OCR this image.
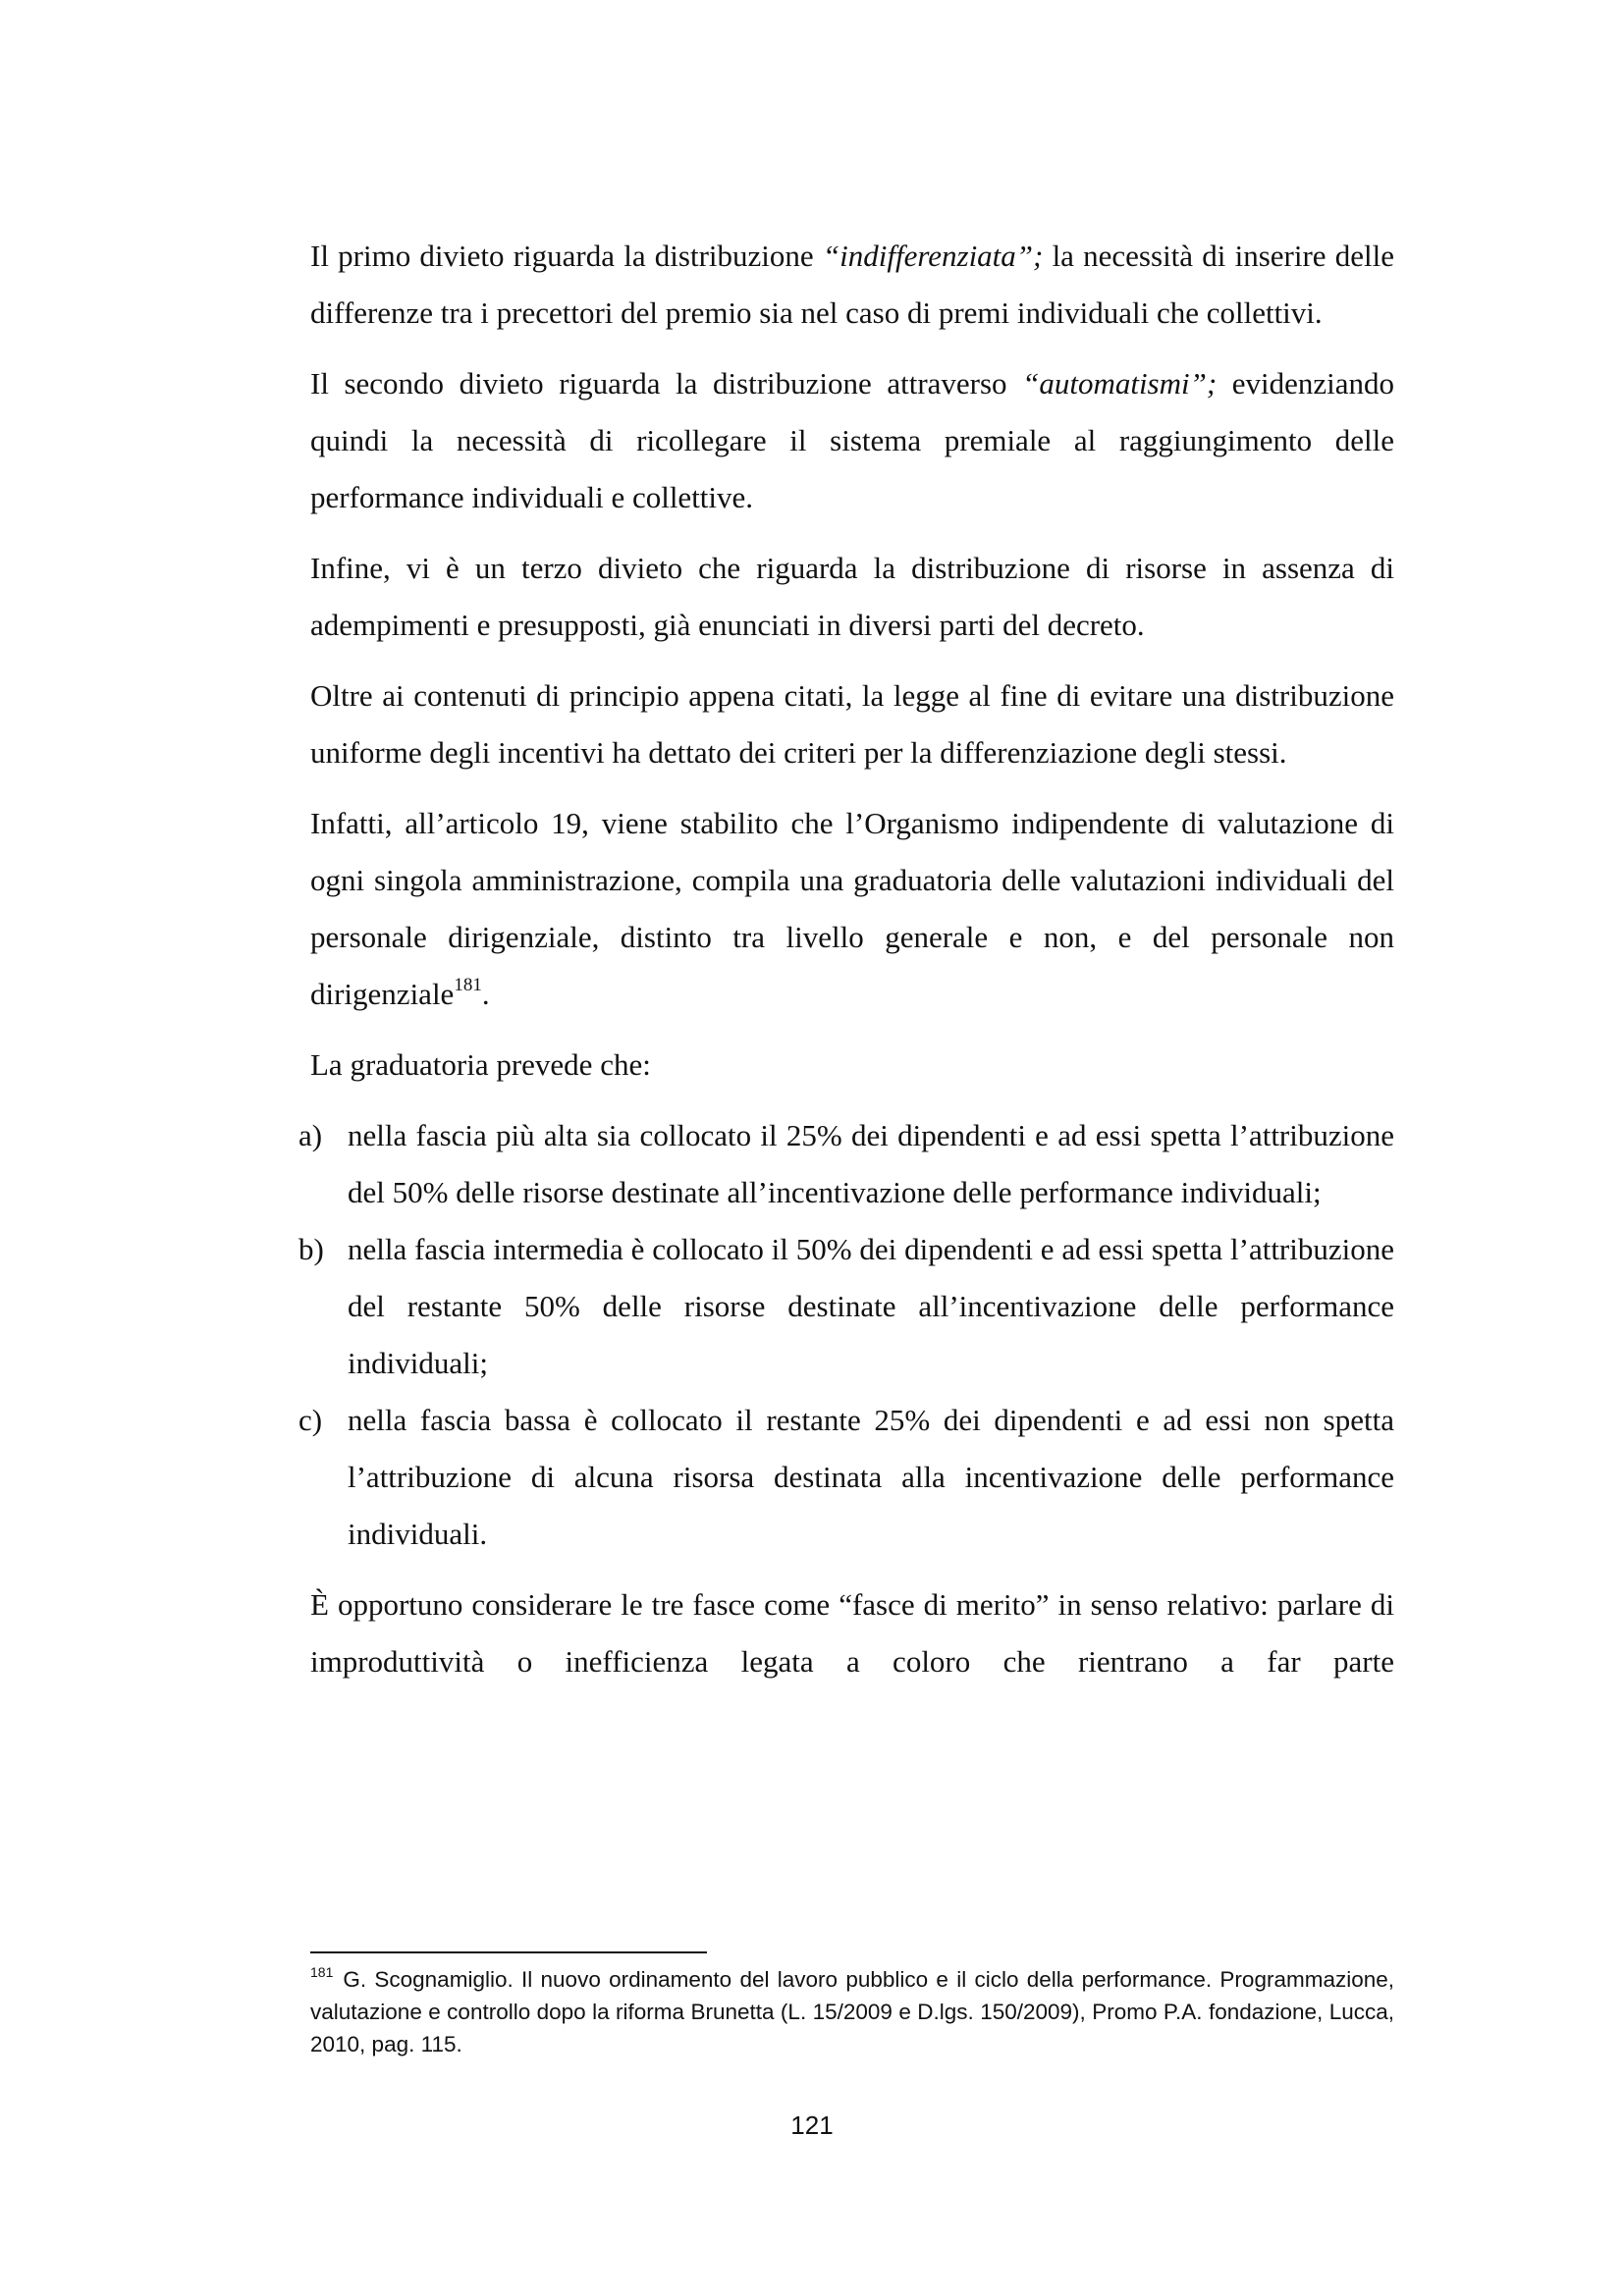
Il primo divieto riguarda la distribuzione “indifferenziata”; la necessità di inserire delle differenze tra i precettori del premio sia nel caso di premi individuali che collettivi.

Il secondo divieto riguarda la distribuzione attraverso “automatismi”; evidenziando quindi la necessità di ricollegare il sistema premiale al raggiungimento delle performance individuali e collettive.

Infine, vi è un terzo divieto che riguarda la distribuzione di risorse in assenza di adempimenti e presupposti, già enunciati in diversi parti del decreto.

Oltre ai contenuti di principio appena citati, la legge al fine di evitare una distribuzione uniforme degli incentivi ha dettato dei criteri per la differenziazione degli stessi.

Infatti, all’articolo 19, viene stabilito che l’Organismo indipendente di valutazione di ogni singola amministrazione, compila una graduatoria delle valutazioni individuali del personale dirigenziale, distinto tra livello generale e non, e del personale non dirigenziale$^{181}$.

La graduatoria prevede che:

a) nella fascia più alta sia collocato il 25% dei dipendenti e ad essi spetta l’attribuzione del 50% delle risorse destinate all’incentivazione delle performance individuali;
b) nella fascia intermedia è collocato il 50% dei dipendenti e ad essi spetta l’attribuzione del restante 50% delle risorse destinate all’incentivazione delle performance individuali;
c) nella fascia bassa è collocato il restante 25% dei dipendenti e ad essi non spetta l’attribuzione di alcuna risorsa destinata alla incentivazione delle performance individuali.

È opportuno considerare le tre fasce come “fasce di merito” in senso relativo: parlare di improduttività o inefficienza legata a coloro che rientrano a far parte

$^{181}$ G. Scognamiglio. Il nuovo ordinamento del lavoro pubblico e il ciclo della performance. Programmazione, valutazione e controllo dopo la riforma Brunetta (L. 15/2009 e D.lgs. 150/2009), Promo P.A. fondazione, Lucca, 2010, pag. 115.
121
